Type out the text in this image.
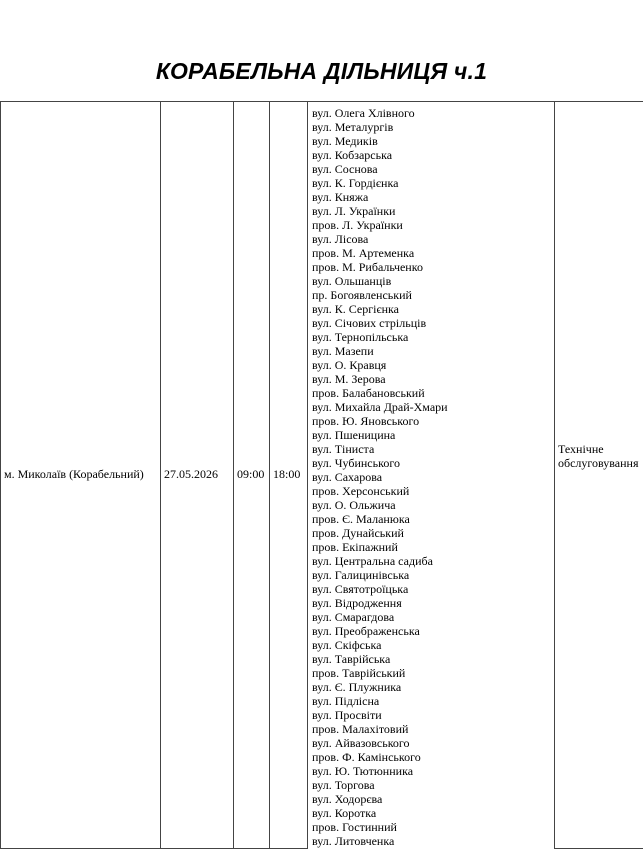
КОРАБЕЛЬНА ДІЛЬНИЦЯ ч.1
м. Миколаїв (Корабельний)	27.05.2026	09:00	18:00	
вул. Олега Хлівного
вул. Металургів
вул. Медиків
вул. Кобзарська
вул. Соснова
вул. К. Гордієнка
вул. Княжа
вул. Л. Українки
пров. Л. Українки
вул. Лісова
пров. М. Артеменка
пров. М. Рибальченко
вул. Ольшанців
пр. Богоявленський
вул. К. Сергієнка
вул. Січових стрільців
вул. Тернопільська
вул. Мазепи
вул. О. Кравця
вул. М. Зерова
пров. Балабановський
вул. Михайла Драй-Хмари
пров. Ю. Яновського
вул. Пшеницина
вул. Тіниста
вул. Чубинського
вул. Сахарова
пров. Херсонський
вул. О. Ольжича
пров. Є. Маланюка
пров. Дунайський
пров. Екіпажний
вул. Центральна садиба
вул. Галицинівська
вул. Святотроїцька
вул. Відродження
вул. Смарагдова
вул. Преображенська
вул. Скіфська
вул. Таврійська
пров. Таврійський
вул. Є. Плужника
вул. Підлісна
вул. Просвіти
пров. Малахітовий
вул. Айвазовського
пров. Ф. Камінського
вул. Ю. Тютюнника
вул. Торгова
вул. Ходорєва
вул. Коротка
пров. Гостинний
вул. Литовченка
	Технічне обслуговування
